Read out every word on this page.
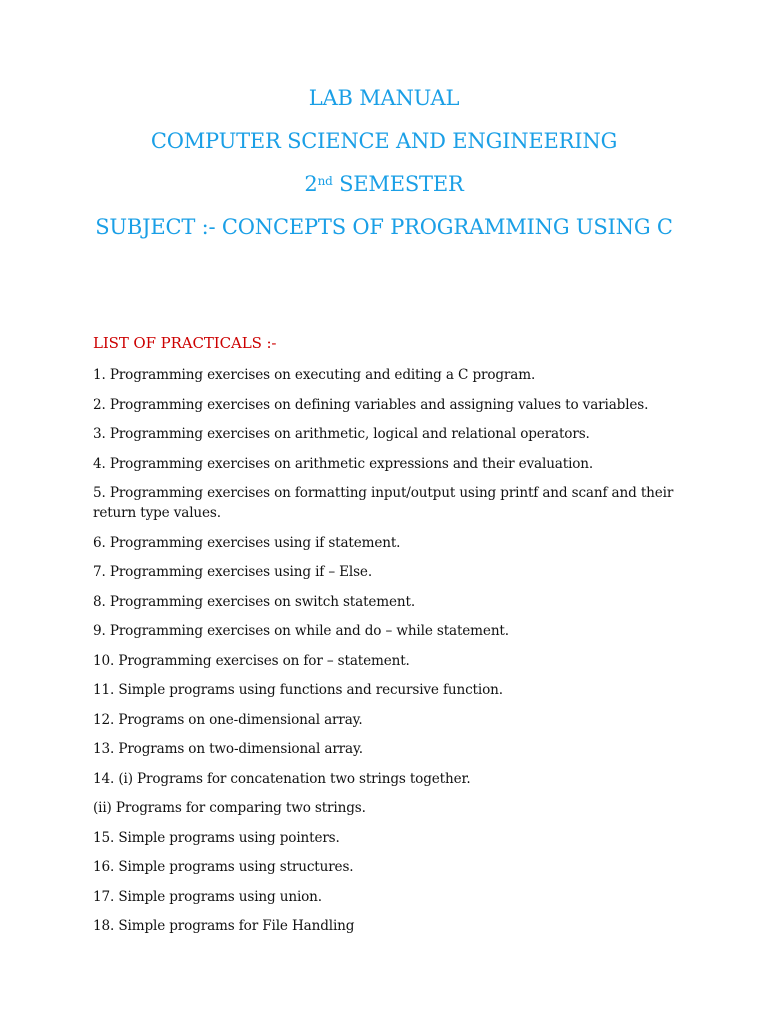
LAB MANUAL
COMPUTER SCIENCE AND ENGINEERING
2nd SEMESTER
SUBJECT :- CONCEPTS OF PROGRAMMING USING C
LIST OF PRACTICALS :-
1. Programming exercises on executing and editing a C program.
2. Programming exercises on defining variables and assigning values to variables.
3. Programming exercises on arithmetic, logical and relational operators.
4. Programming exercises on arithmetic expressions and their evaluation.
5. Programming exercises on formatting input/output using printf and scanf and their return type values.
6. Programming exercises using if statement.
7. Programming exercises using if – Else.
8. Programming exercises on switch statement.
9. Programming exercises on while and do – while statement.
10. Programming exercises on for – statement.
11. Simple programs using functions and recursive function.
12. Programs on one-dimensional array.
13. Programs on two-dimensional array.
14. (i) Programs for concatenation two strings together.
(ii) Programs for comparing two strings.
15. Simple programs using pointers.
16. Simple programs using structures.
17. Simple programs using union.
18. Simple programs for File Handling
